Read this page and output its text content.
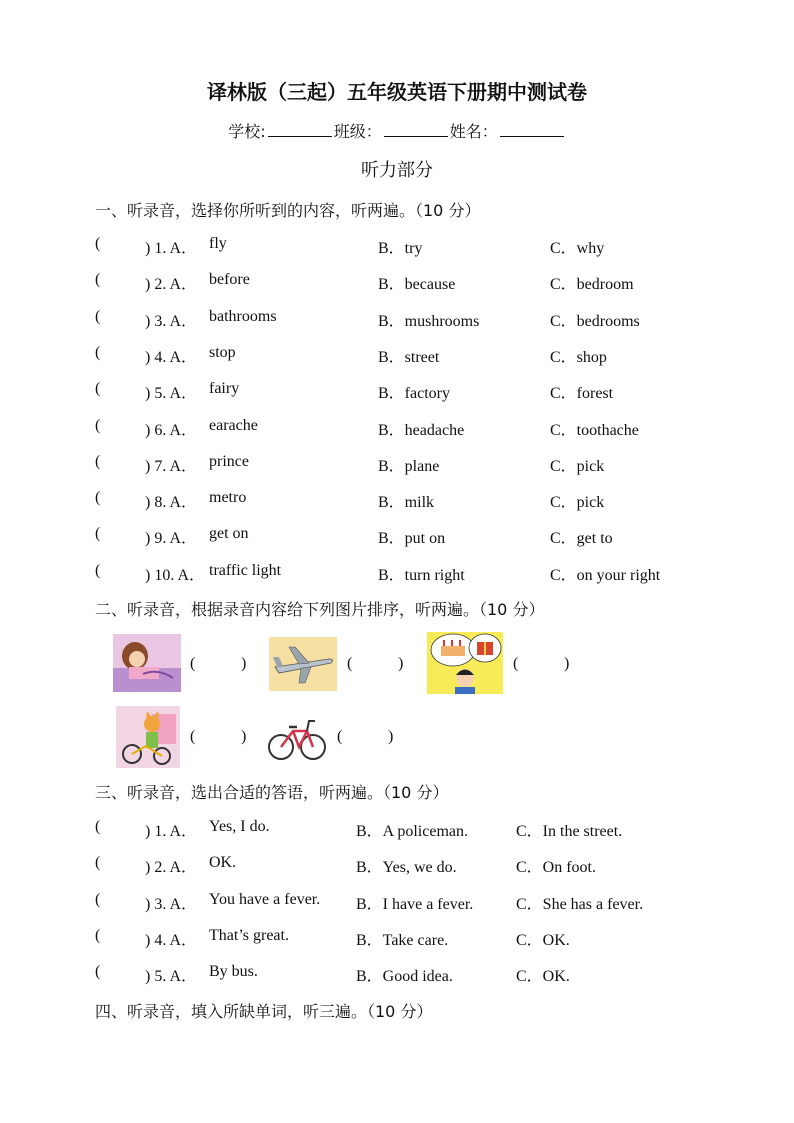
译林版（三起）五年级英语下册期中测试卷
学校:	班级：	姓名：
听力部分
一、听录音，选择你所听到的内容，听两遍。（10 分）
(	) 1. A． fly	B．try	C．why
(	) 2. A． before	B．because	C．bedroom
(	) 3. A． bathrooms	B．mushrooms	C．bedrooms
(	) 4. A． stop	B．street	C．shop
(	) 5. A． fairy	B．factory	C．forest
(	) 6. A． earache	B．headache	C．toothache
(	) 7. A． prince	B．plane	C．pick
(	) 8. A． metro	B．milk	C．pick
(	) 9. A． get on	B．put on	C．get to
(	) 10. A． traffic light	B．turn right	C．on your right
二、听录音，根据录音内容给下列图片排序，听两遍。（10 分）
(	)	(	)	(	)
(	)	(	)
三、听录音，选出合适的答语，听两遍。（10 分）
(	) 1. A． Yes, I do.	B．A policeman.	C．In the street.
(	) 2. A． OK.	B．Yes, we do.	C．On foot.
(	) 3. A． You have a fever. B．I have a fever.	C．She has a fever.
(	) 4. A． That’s great.	B．Take care.	C．OK.
(	) 5. A． By bus.	B．Good idea.	C．OK.
四、听录音，填入所缺单词，听三遍。（10 分）
